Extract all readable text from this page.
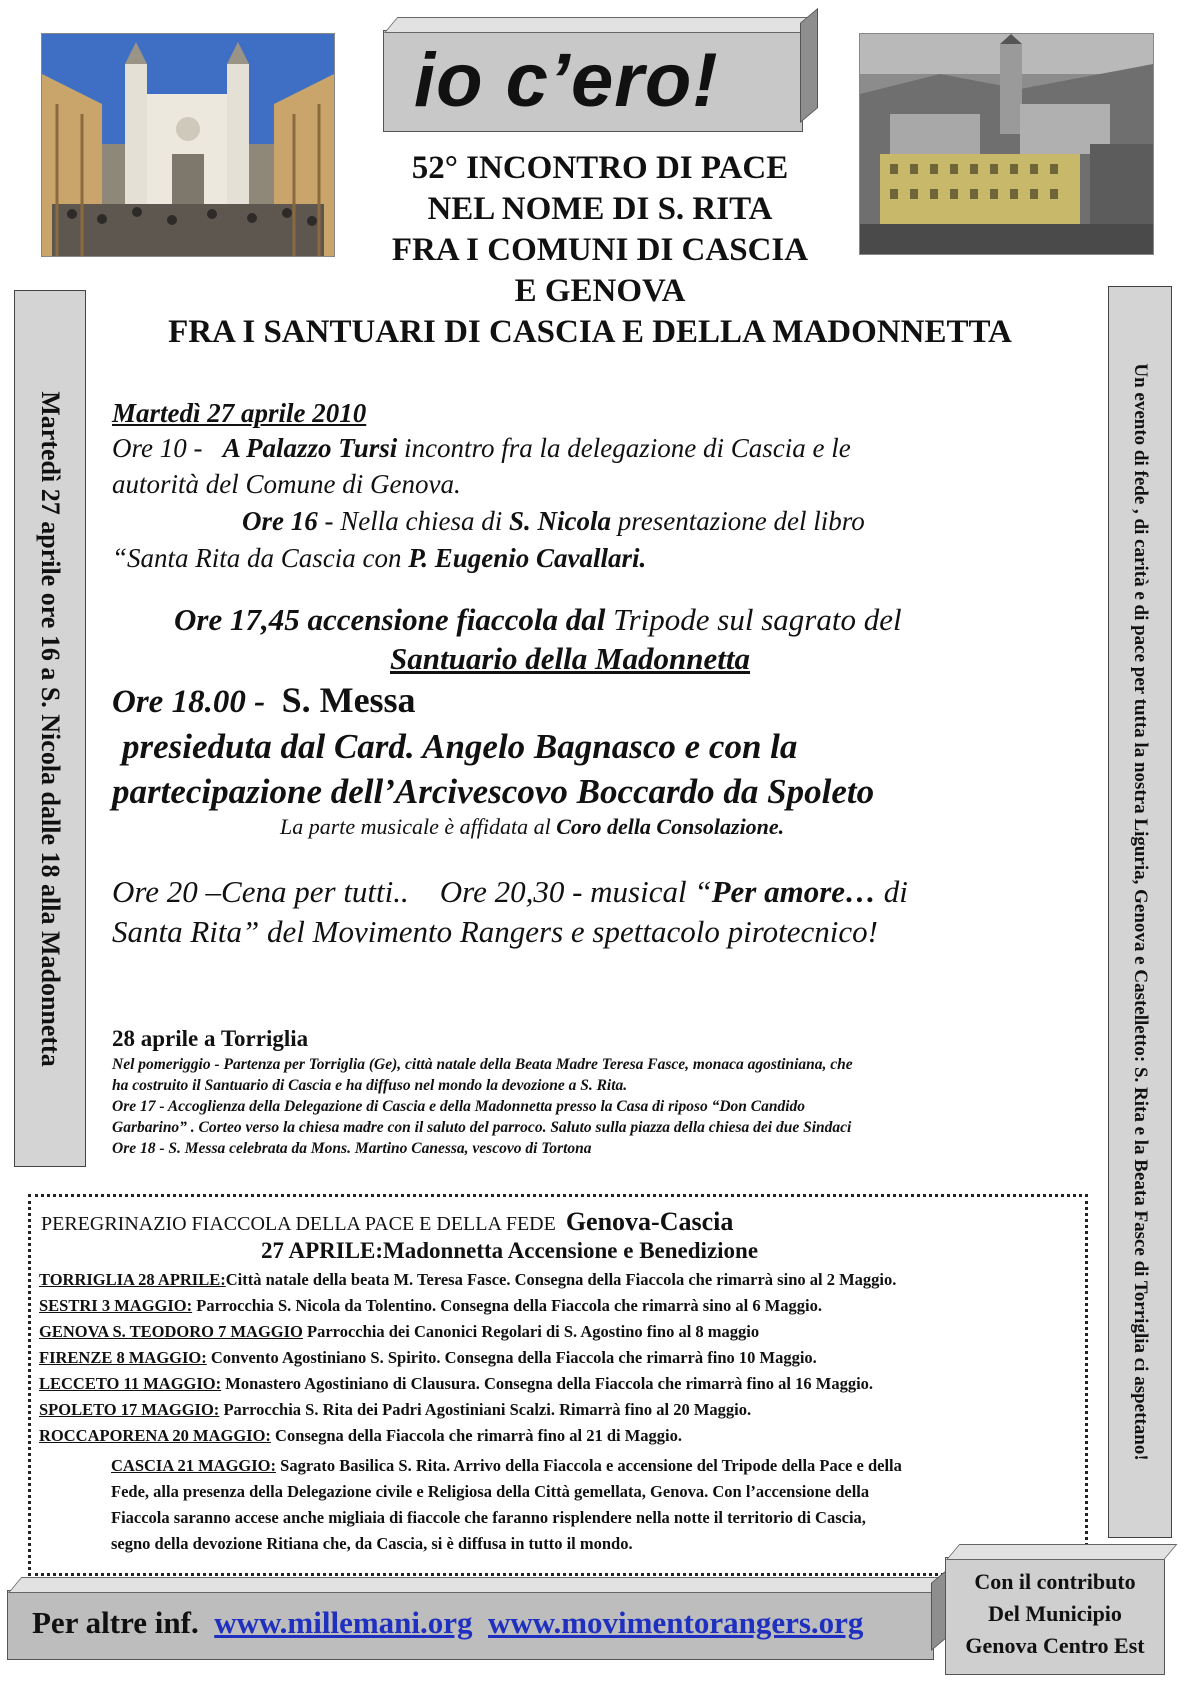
io c’ero!
52° INCONTRO DI PACE
NEL NOME DI S. RITA
FRA I COMUNI DI CASCIA
E GENOVA
FRA I SANTUARI DI CASCIA E DELLA MADONNETTA
Martedì 27 aprile ore 16 a S. Nicola dalle 18 alla Madonnetta	Un evento di fede , di carità e di pace per tutta la nostra Liguria, Genova e Castelletto: S. Rita e la Beata Fasce di Torriglia ci aspettano!
Martedì 27 aprile 2010
Ore 10 - A Palazzo Tursi incontro fra la delegazione di Cascia e le
autorità del Comune di Genova.
Ore 16 - Nella chiesa di S. Nicola presentazione del libro
“Santa Rita da Cascia con P. Eugenio Cavallari.
Ore 17,45 accensione fiaccola dal Tripode sul sagrato del
Santuario della Madonnetta
Ore 18.00 - S. Messa
presieduta dal Card. Angelo Bagnasco e con la
partecipazione dell’Arcivescovo Boccardo da Spoleto
La parte musicale è affidata al Coro della Consolazione.
Ore 20 –Cena per tutti..    Ore 20,30 - musical “Per amore… di
Santa Rita” del Movimento Rangers e spettacolo pirotecnico!
28 aprile a Torriglia

Nel pomeriggio - Partenza per Torriglia (Ge), città natale della Beata Madre Teresa Fasce, monaca agostiniana, che

ha costruito il Santuario di Cascia e ha diffuso nel mondo la devozione a S. Rita.

Ore 17 - Accoglienza della Delegazione di Cascia e della Madonnetta presso la Casa di riposo “Don Candido

Garbarino” . Corteo verso la chiesa madre con il saluto del parroco. Saluto sulla piazza della chiesa dei due Sindaci

Ore 18 - S. Messa celebrata da Mons. Martino Canessa, vescovo di Tortona

PEREGRINAZIO FIACCOLA DELLA PACE E DELLA FEDE Genova-Cascia
27 APRILE:Madonnetta Accensione e Benedizione
TORRIGLIA 28 APRILE:Città natale della beata M. Teresa Fasce. Consegna della Fiaccola che rimarrà sino al 2 Maggio.
SESTRI 3 MAGGIO: Parrocchia S. Nicola da Tolentino. Consegna della Fiaccola che rimarrà sino al 6 Maggio.
GENOVA S. TEODORO 7 MAGGIO Parrocchia dei Canonici Regolari di S. Agostino fino al 8 maggio
FIRENZE 8 MAGGIO: Convento Agostiniano S. Spirito. Consegna della Fiaccola che rimarrà fino 10 Maggio.
LECCETO 11 MAGGIO: Monastero Agostiniano di Clausura. Consegna della Fiaccola che rimarrà fino al 16 Maggio.
SPOLETO 17 MAGGIO: Parrocchia S. Rita dei Padri Agostiniani Scalzi. Rimarrà fino al 20 Maggio.
ROCCAPORENA 20 MAGGIO: Consegna della Fiaccola che rimarrà fino al 21 di Maggio.
CASCIA 21 MAGGIO: Sagrato Basilica S. Rita. Arrivo della Fiaccola e accensione del Tripode della Pace e della
Fede, alla presenza della Delegazione civile e Religiosa della Città gemellata, Genova. Con l’accensione della
Fiaccola saranno accese anche migliaia di fiaccole che faranno risplendere nella notte il territorio di Cascia,
segno della devozione Ritiana che, da Cascia, si è diffusa in tutto il mondo.
Per altre inf. www.millemani.org www.movimentorangers.org
Con il contributo
Del Municipio
Genova Centro Est
